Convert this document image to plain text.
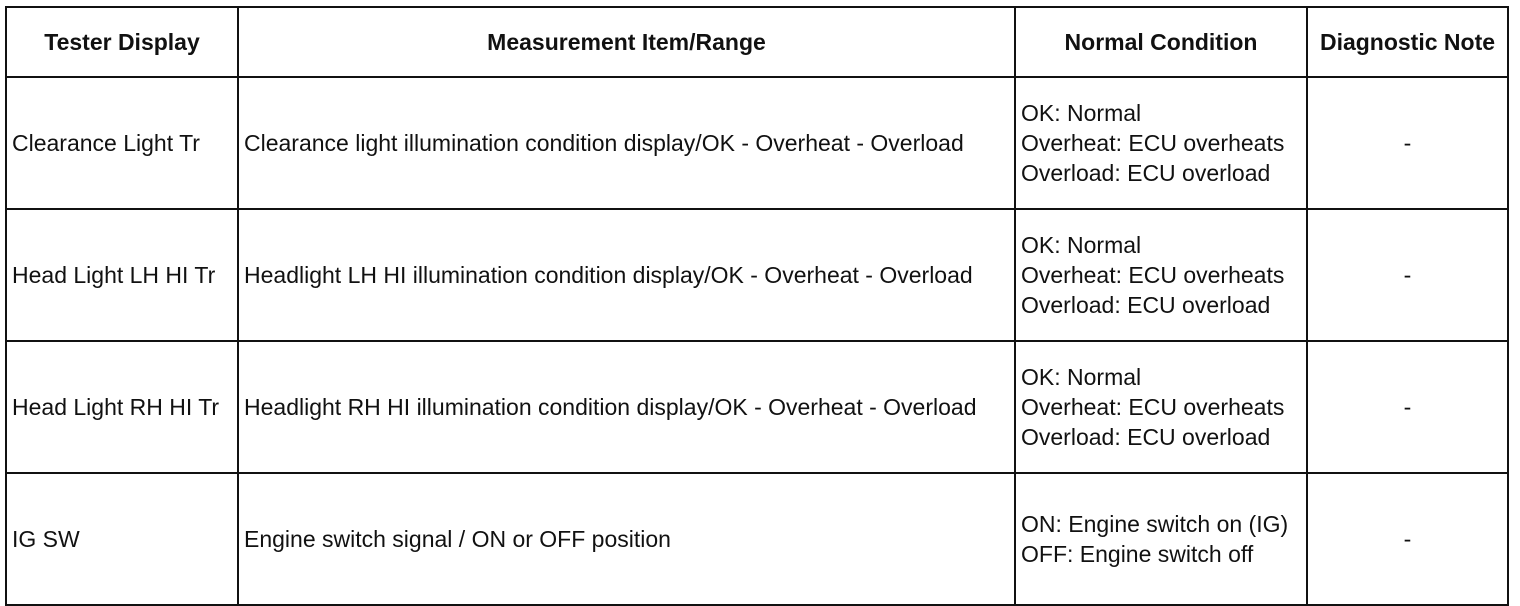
Tester Display	Measurement Item/Range	Normal Condition	Diagnostic Note
Clearance Light Tr	Clearance light illumination condition display/OK - Overheat - Overload	OK: Normal
Overheat: ECU overheats
Overload: ECU overload	-
Head Light LH HI Tr	Headlight LH HI illumination condition display/OK - Overheat - Overload	OK: Normal
Overheat: ECU overheats
Overload: ECU overload	-
Head Light RH HI Tr	Headlight RH HI illumination condition display/OK - Overheat - Overload	OK: Normal
Overheat: ECU overheats
Overload: ECU overload	-
IG SW	Engine switch signal / ON or OFF position	ON: Engine switch on (IG)
OFF: Engine switch off	-
